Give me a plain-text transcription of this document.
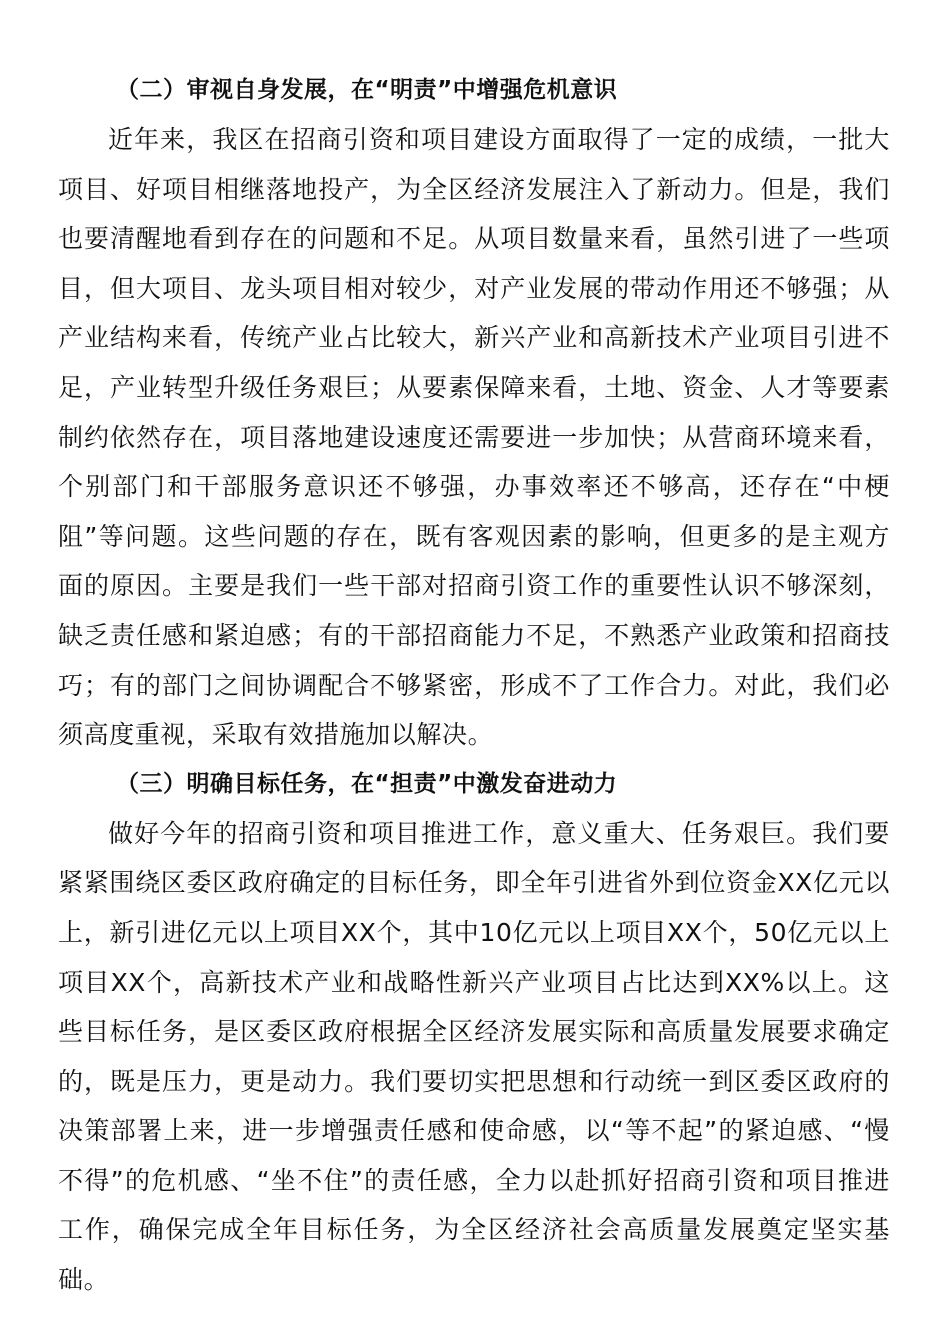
（二）审视自身发展，在“明责”中增强危机意识

近年来，我区在招商引资和项目建设方面取得了一定的成绩，一批大项目、好项目相继落地投产，为全区经济发展注入了新动力。但是，我们也要清醒地看到存在的问题和不足。从项目数量来看，虽然引进了一些项目，但大项目、龙头项目相对较少，对产业发展的带动作用还不够强；从产业结构来看，传统产业占比较大，新兴产业和高新技术产业项目引进不足，产业转型升级任务艰巨；从要素保障来看，土地、资金、人才等要素制约依然存在，项目落地建设速度还需要进一步加快；从营商环境来看，个别部门和干部服务意识还不够强，办事效率还不够高，还存在“中梗阻”等问题。这些问题的存在，既有客观因素的影响，但更多的是主观方面的原因。主要是我们一些干部对招商引资工作的重要性认识不够深刻，缺乏责任感和紧迫感；有的干部招商能力不足，不熟悉产业政策和招商技巧；有的部门之间协调配合不够紧密，形成不了工作合力。对此，我们必须高度重视，采取有效措施加以解决。

（三）明确目标任务，在“担责”中激发奋进动力

做好今年的招商引资和项目推进工作，意义重大、任务艰巨。我们要紧紧围绕区委区政府确定的目标任务，即全年引进省外到位资金XX亿元以上，新引进亿元以上项目XX个，其中10亿元以上项目XX个，50亿元以上项目XX个，高新技术产业和战略性新兴产业项目占比达到XX%以上。这些目标任务，是区委区政府根据全区经济发展实际和高质量发展要求确定的，既是压力，更是动力。我们要切实把思想和行动统一到区委区政府的决策部署上来，进一步增强责任感和使命感，以“等不起”的紧迫感、“慢不得”的危机感、“坐不住”的责任感，全力以赴抓好招商引资和项目推进工作，确保完成全年目标任务，为全区经济社会高质量发展奠定坚实基础。
